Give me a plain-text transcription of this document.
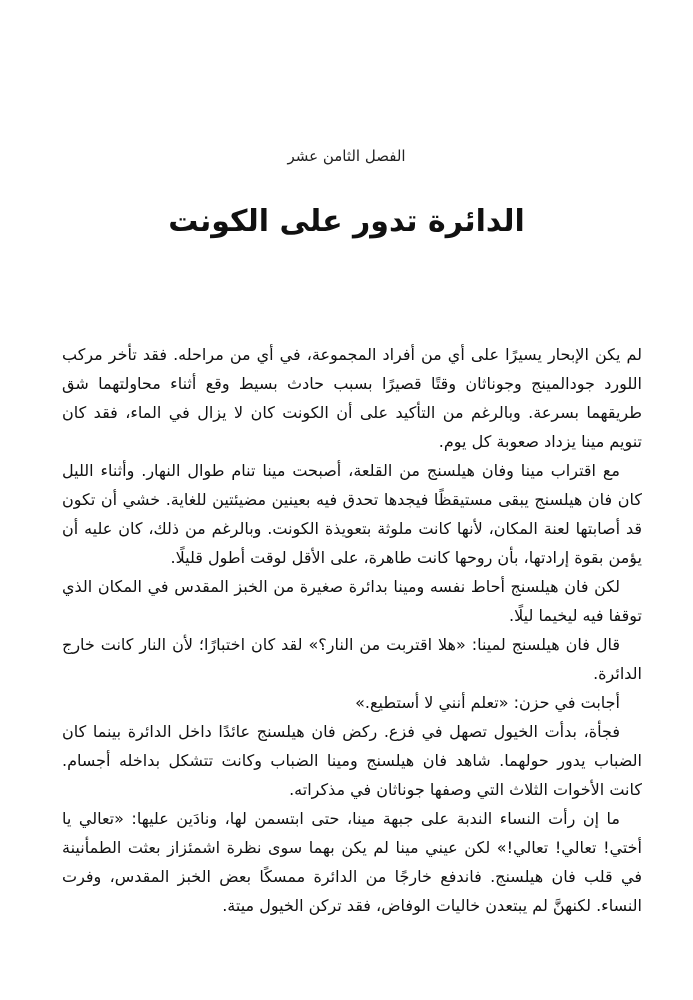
الفصل الثامن عشر
الدائرة تدور على الكونت

لم يكن الإبحار يسيرًا على أي من أفراد المجموعة، في أي من مراحله. فقد تأخر مركب اللورد جودالمينج وجوناثان وقتًا قصيرًا بسبب حادث بسيط وقع أثناء محاولتهما شق طريقهما بسرعة. وبالرغم من التأكيد على أن الكونت كان لا يزال في الماء، فقد كان تنويم مينا يزداد صعوبة كل يوم.

مع اقتراب مينا وفان هيلسنج من القلعة، أصبحت مينا تنام طوال النهار. وأثناء الليل كان فان هيلسنج يبقى مستيقظًا فيجدها تحدق فيه بعينين مضيئتين للغاية. خشي أن تكون قد أصابتها لعنة المكان، لأنها كانت ملوثة بتعويذة الكونت. وبالرغم من ذلك، كان عليه أن يؤمن بقوة إرادتها، بأن روحها كانت طاهرة، على الأقل لوقت أطول قليلًا.

لكن فان هيلسنج أحاط نفسه ومينا بدائرة صغيرة من الخبز المقدس في المكان الذي توقفا فيه ليخيما ليلًا.

قال فان هيلسنج لمينا: «هلا اقتربت من النار؟» لقد كان اختبارًا؛ لأن النار كانت خارج الدائرة.

أجابت في حزن: «تعلم أنني لا أستطيع.»

فجأة، بدأت الخيول تصهل في فزع. ركض فان هيلسنج عائدًا داخل الدائرة بينما كان الضباب يدور حولهما. شاهد فان هيلسنج ومينا الضباب وكانت تتشكل بداخله أجسام. كانت الأخوات الثلاث التي وصفها جوناثان في مذكراته.

ما إن رأت النساء الندبة على جبهة مينا، حتى ابتسمن لها، ونادَين عليها: «تعالي يا أختي! تعالي! تعالي!» لكن عيني مينا لم يكن بهما سوى نظرة اشمئزاز بعثت الطمأنينة في قلب فان هيلسنج. فاندفع خارجًا من الدائرة ممسكًا بعض الخبز المقدس، وفرت النساء. لكنهنَّ لم يبتعدن خاليات الوفاض، فقد تركن الخيول ميتة.
